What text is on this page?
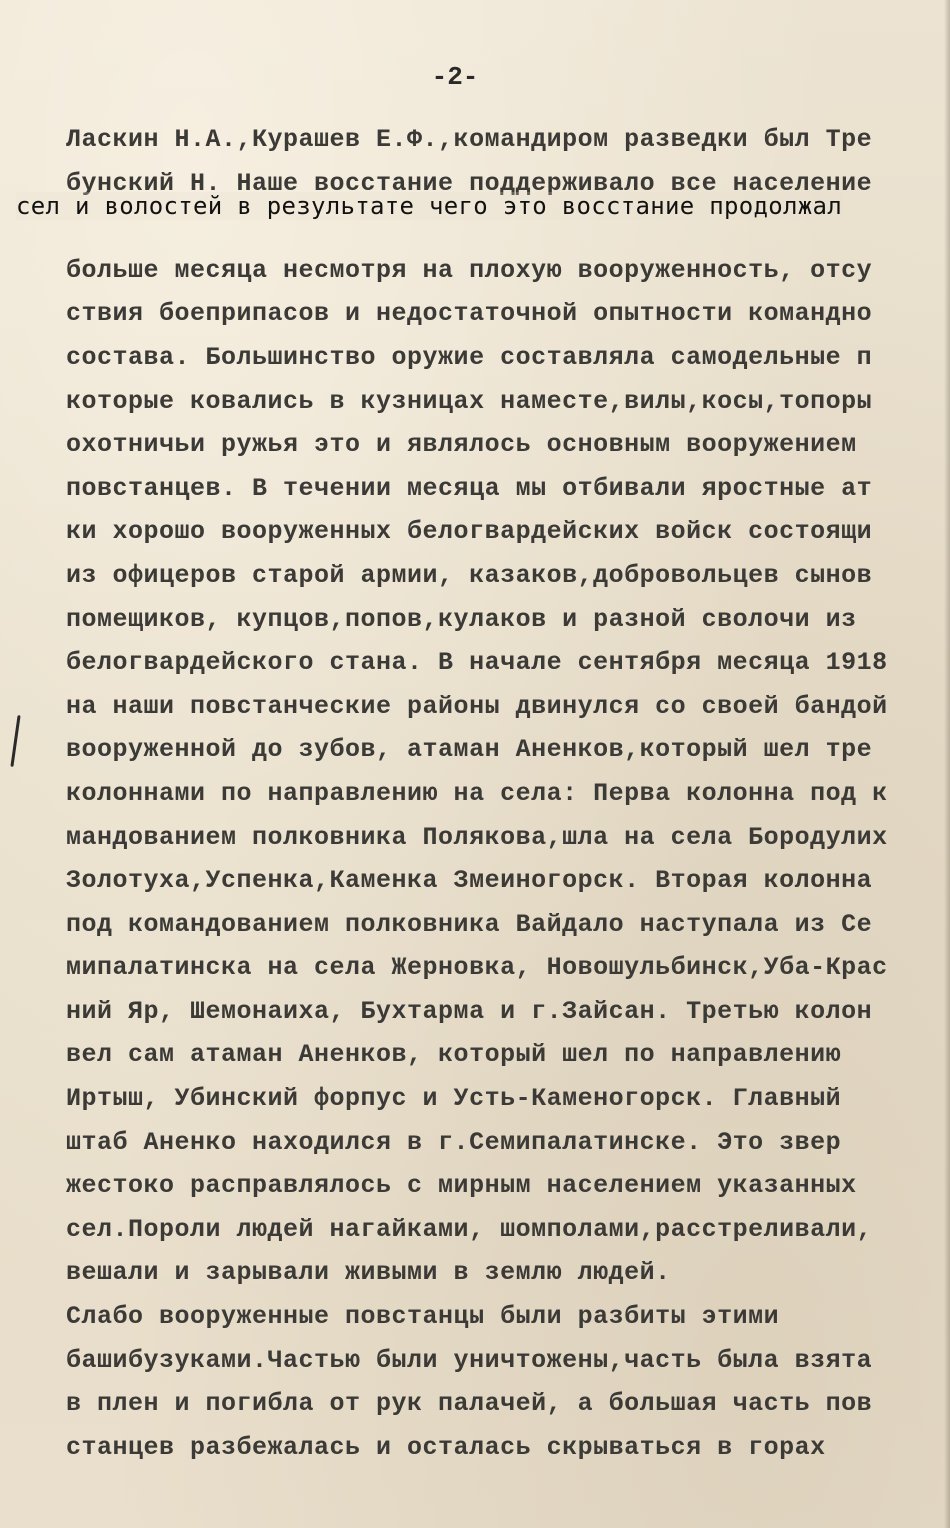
-2-
Ласкин Н.А.,Курашев Е.Ф.,командиром разведки был Тре
бунский Н. Наше восстание поддерживало все население
больше месяца несмотря на плохую вооруженность, отсу
ствия боеприпасов и недостаточной опытности командно
состава. Большинство оружие составляла самодельные п
которые ковались в кузницах наместе,вилы,косы,топоры
охотничьи ружья это и являлось основным вооружением
повстанцев. В течении месяца мы отбивали яростные ат
ки хорошо вооруженных белогвардейских войск состоящи
из офицеров старой армии, казаков,добровольцев сынов
помещиков, купцов,попов,кулаков и разной сволочи из
белогвардейского стана. В начале сентября месяца 1918
на наши повстанческие районы двинулся со своей бандой
вооруженной до зубов, атаман Аненков,который шел тре
колоннами по направлению на села: Перва колонна под к
мандованием полковника Полякова,шла на села Бородулих
Золотуха,Успенка,Каменка Змеиногорск. Вторая колонна
под командованием полковника Вайдало наступала из Се
мипалатинска на села Жерновка, Новошульбинск,Уба-Крас
ний Яр, Шемонаиха, Бухтарма и г.Зайсан. Третью колон
вел сам атаман Аненков, который шел по направлению
Иртыш, Убинский форпус и Усть-Каменогорск. Главный
штаб Аненко находился в г.Семипалатинске. Это звер
жестоко расправлялось с мирным населением указанных
сел.Пороли людей нагайками, шомполами,расстреливали,
вешали и зарывали живыми в землю людей.
Слабо вооруженные повстанцы были разбиты этими
башибузуками.Частью были уничтожены,часть была взята
в плен и погибла от рук палачей, а большая часть пов
станцев разбежалась и осталась скрываться в горах
сел и волостей в результате чего это восстание продолжал
